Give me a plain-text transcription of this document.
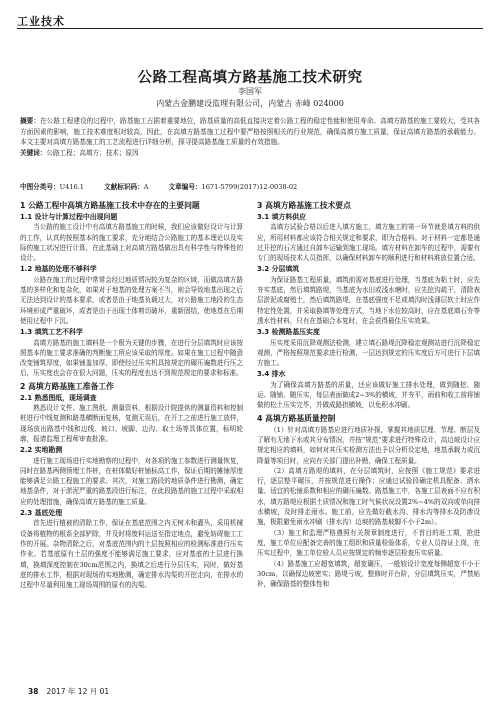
工业技术
公路工程高填方路基施工技术研究
李国军
内蒙古金鹏建设监理有限公司，内蒙古 赤峰 024000
摘要：在公路工程建设的过程中，路基施工占据着重要地位，路基质量的高低直接决定着公路工程的稳定性能和使用寿命。高填方路基的施工要较大，受其各方面因素的影响，施工技术难度相对较高，因此，在高填方路基施工过程中要严格按照相关的行业规范，确保高填方施工质量，保证高填方路基的承载能力。本文主要对高填方路基施工的工艺流程进行详细分析，探寻提高路基施工质量的有效措施。
关键词：公路工程；高填方；技术；原因
中图分类号：U416.1	文献标识码：A	文章编号：1671-5799(2017)12-0038-02
1 公路工程中高填方路基施工技术中存在的主要问题
1.1 设计与计算过程中出现问题

当公路的施工设计中有高填方路基施工的时候，我们应该做好设计与计算的工作，认真的按照基本的施工要求，充分地结合公路施工的基本理论以及实际的施工状况进行计算，在此基础上对高填方路基做出具有科学性与特殊性的设计。

1.2 地基的处理不够科学

公路在施工的过程中常常会经过地质情况较为复杂的区域，而做高填方路基的多样化和复杂化，如果对于地基的处理方案不当，则会导致地基出现之后无法达到设计的基本要求，或者是由于地基负载过大，对公路施工地段的生态环境形成严重破坏，或者是由于出现土体剪切破坏，重新固结，使地基在后期使用过程中下沉。

1.3 填筑工艺不科学

高填方路基的施工填料是一个极为关键的步骤，在进行分层填筑时应该按照基本的施工要求准确的判断施工所应该采取的厚度。如果在施工过程中随意改变铺筑厚度，如果铺盖加厚，即使经过压实机具按规定的碾压遍数进行压之后，压实度也会存在很大问题，压实的程度也达不到规范规定的要求和标准。

2 高填方路基施工准备工作
2.1 熟悉图纸，现场调查

熟悉设计文件、施工图纸、测量资料，根据设计院提供的测量资料和控制桩进行中线复测和路基横断面复核，复测无误后，在开工之前进行施工放样，现场放出路基中线和边线、坡口、坡脚、边沟、取土场等具体位置，标明轮廓，报请监理工程师审查批准。

2.2 实地勘测

进行施工现场进行实地勘察的过程中，对各项的施工参数进行测量恢复，同时在路基两侧预埋工作桩，在桩体做好桩铺标高工作，保证后期的摊铺厚度能够满足公路工程施工的要求。其次，对施工路段的地质条件进行勘测，确定地基条件，对于淤泥严重的路基段进行标注，在此段路基的施工过程中采取相应的处理措施，确保高填方路基的施工质量。

2.3 基底处理

首先进行植被的清除工作，保证在基底范围之内无树木和灌丛，采用机械设备将植物的根系全部铲除，并及时将废料运送至指定地点，避免妨碍施工工作的开展。杂物清除之后，对基底范围内的土层按照相应的检测标准进行压实作业。若基底原有土层的强度不能够满足施工要求，应对基底的土层进行换填，换填深度控制在30cm范围之内，换填之后进行分层压实，同时，做好基底的排水工作，根据对现场的实地勘测，确定排水沟渠的开挖走向，在排水的过程中尽量利用施工现场周围的原有的沟渠。

3 高填方路基施工技术要点
3.1 填方料供应

高填方试验合格以后进入填方施工，填方施工的第一环节就是填方料的供应，所用材料都应该符合相关规定和要求，即为合格料。对于材料一定都是通过开挖的石方通过自卸车运输到施工现场。填方材料在卸车的过程中，需要有专门的现场技术人员指挥，以确保材料卸车的顺利进行和材料堆放位置合适。

3.2 分层填筑

为保证路基工程质量，填筑前需对基底进行处理，当基底为粘土时，应先夯实基底，然后填筑路堤，当基底为水田或浅水塘时，应先挖沟疏干，清除表层淤泥或腐殖土，然后填筑路堤，在基底强度不足或填沟时浅薄层软土时应作特定性处置，并采取换填等处理方式，当地下水位较高时，应在基底填石夯等透水性材料，只有在基础合本复时，在会获得最佳压实效果。

3.3 检测路基压实度

压实度采用沉降观测法检测，建立填石路堤沉降稳定观测站进行沉降稳定观测，严格按照规范要求进行检测，一层达到规定的压实度后方可进行下层填方施工。

3.4 排水

为了确保高填方路基的质量，还应该做好施工排水处理，做到随挖、随运、随铺、随压实，每层表面做成2~3%的横坡，并夯平，雨前和收工前将铺做的松土压实完毕，并做成路拱横坡，以免积水冲刷。

4 高填方路基质量控制

（1）针对高填方路基应进行地质补探，掌握其地质层理、节理、断层及了解有无地下水或其分布情况，并按“规范”要求进行特殊设计，高边坡设计应规定相应的填料，如何对其压实检测方法也予以分析设定地，地基承载力或沉降量等项目时，应向有关部门提出补勘，确保工程质量。

（2）高填方路堤的填料，在分层填筑时，应按照《施工规范》要求进行，逐层整平碾压，并按规范进行操作；应通过试验段确定机具配备、洒水量、适宜的松铺系数和相应的碾压遍数。路基施工中，各施工层表面不应有积水，填方路堤应根据土质情况和施工时气候状况设置2%~4%的双向或单向排水横坡，及时排走雨水。施工前，应先做好截水沟、排水沟等排水及防渗设施，极限避免雨水冲刷（排水沟）边坡的路基坡脚不小于2m）。

（3）施工和监理严格遵照有关规章制度进行，不首目的赶工期，抢进度，施工单位应配备完善的施工组织和质量检验体系，专业人员持证上岗，在压实过程中，施工单位检人员应按规定的频率逐层检查压实质量。

（4）路基施工应超宽填筑，超宽碾压，一般较设计宽度每侧超宽不小于30cm，以确保边坡密实；路堤亏坡，整修时开台阶，分层填筑压实，严禁贴补，确保路基的整体性和

38 2017 年 12 月 01
